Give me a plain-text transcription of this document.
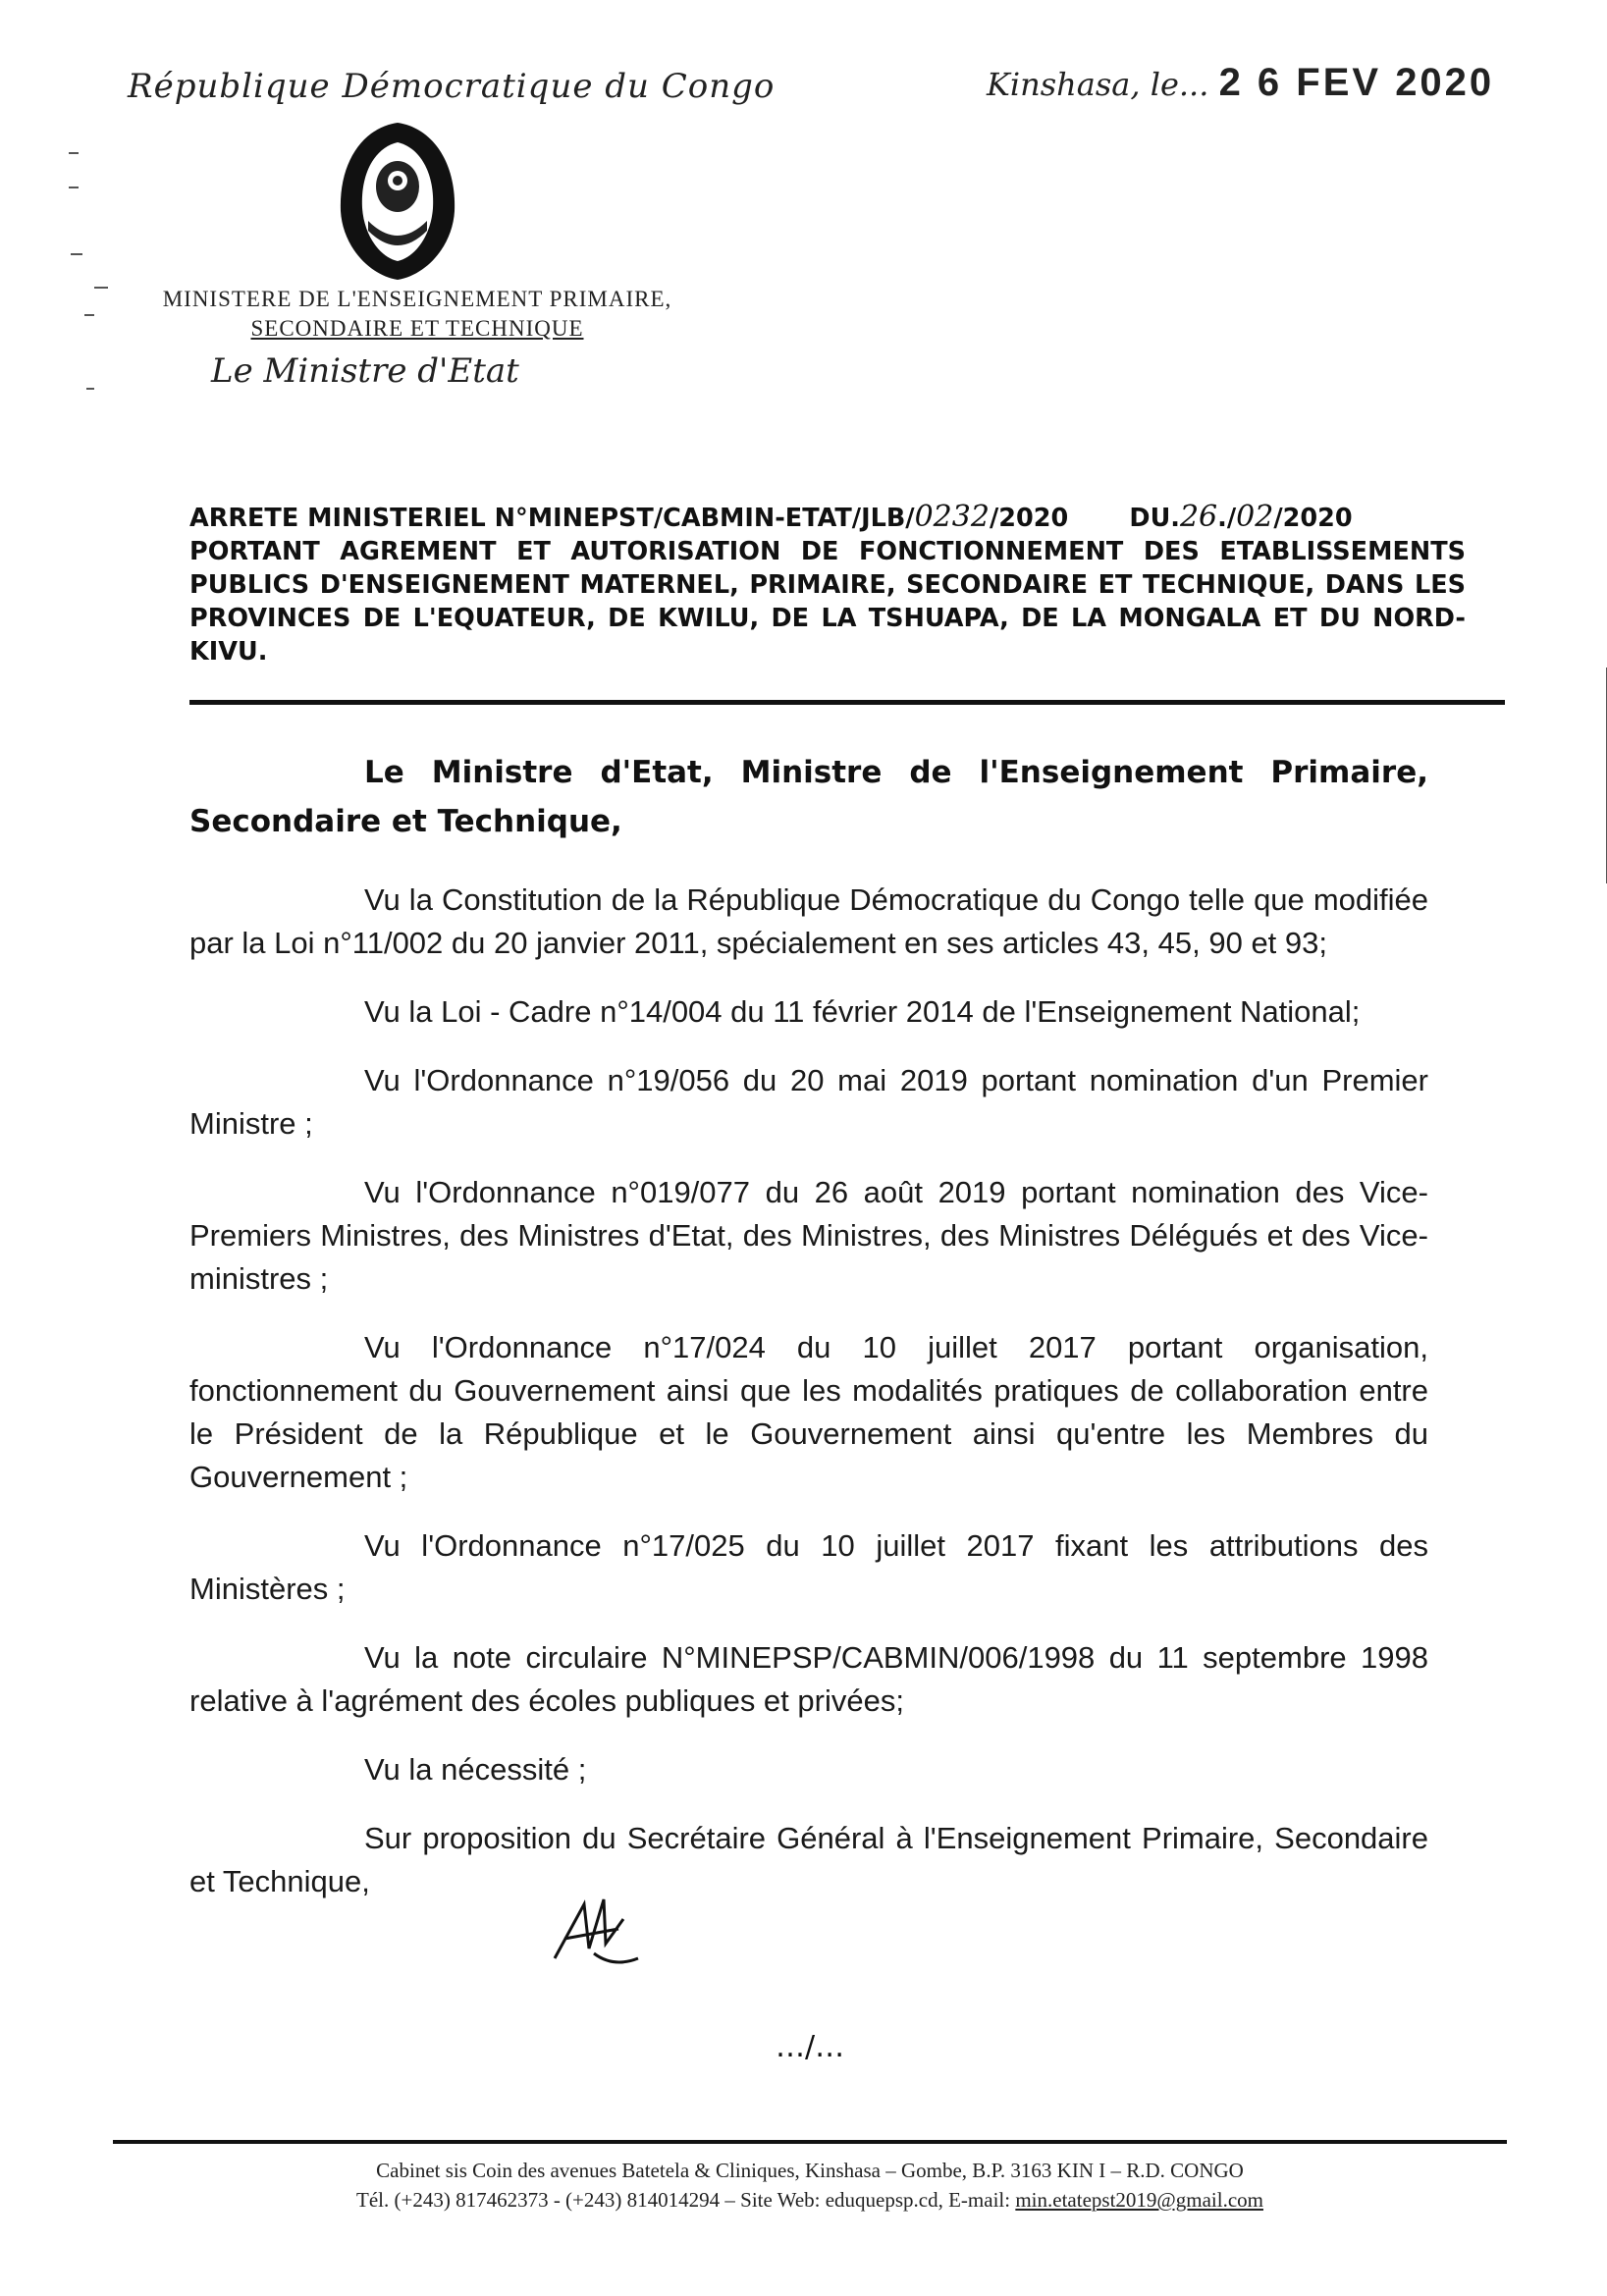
République Démocratique du Congo	Kinshasa, le... 2 6 FEV 2020
MINISTERE DE L'ENSEIGNEMENT PRIMAIRE,
SECONDAIRE ET TECHNIQUE
Le Ministre d'Etat
ARRETE MINISTERIEL N°MINEPST/CABMIN-ETAT/JLB/0232/2020 DU.26./02/2020
PORTANT AGREMENT ET AUTORISATION DE FONCTIONNEMENT DES ETABLISSEMENTS PUBLICS D'ENSEIGNEMENT MATERNEL, PRIMAIRE, SECONDAIRE ET TECHNIQUE, DANS LES PROVINCES DE L'EQUATEUR, DE KWILU, DE LA TSHUAPA, DE LA MONGALA ET DU NORD-KIVU.

Le Ministre d'Etat, Ministre de l'Enseignement Primaire, Secondaire et Technique,

Vu la Constitution de la République Démocratique du Congo telle que modifiée par la Loi n°11/002 du 20 janvier 2011, spécialement en ses articles 43, 45, 90 et 93;

Vu la Loi - Cadre n°14/004 du 11 février 2014 de l'Enseignement National;

Vu l'Ordonnance n°19/056 du 20 mai 2019 portant nomination d'un Premier Ministre ;

Vu l'Ordonnance n°019/077 du 26 août 2019 portant nomination des Vice-Premiers Ministres, des Ministres d'Etat, des Ministres, des Ministres Délégués et des Vice-ministres ;

Vu l'Ordonnance n°17/024 du 10 juillet 2017 portant organisation, fonctionnement du Gouvernement ainsi que les modalités pratiques de collaboration entre le Président de la République et le Gouvernement ainsi qu'entre les Membres du Gouvernement ;

Vu l'Ordonnance n°17/025 du 10 juillet 2017 fixant les attributions des Ministères ;

Vu la note circulaire N°MINEPSP/CABMIN/006/1998 du 11 septembre 1998 relative à l'agrément des écoles publiques et privées;

Vu la nécessité ;

Sur proposition du Secrétaire Général à l'Enseignement Primaire, Secondaire et Technique,

…/…
Cabinet sis Coin des avenues Batetela & Cliniques, Kinshasa – Gombe, B.P. 3163 KIN I – R.D. CONGO
Tél. (+243) 817462373 - (+243) 814014294 – Site Web: eduquepsp.cd, E-mail: min.etatepst2019@gmail.com
